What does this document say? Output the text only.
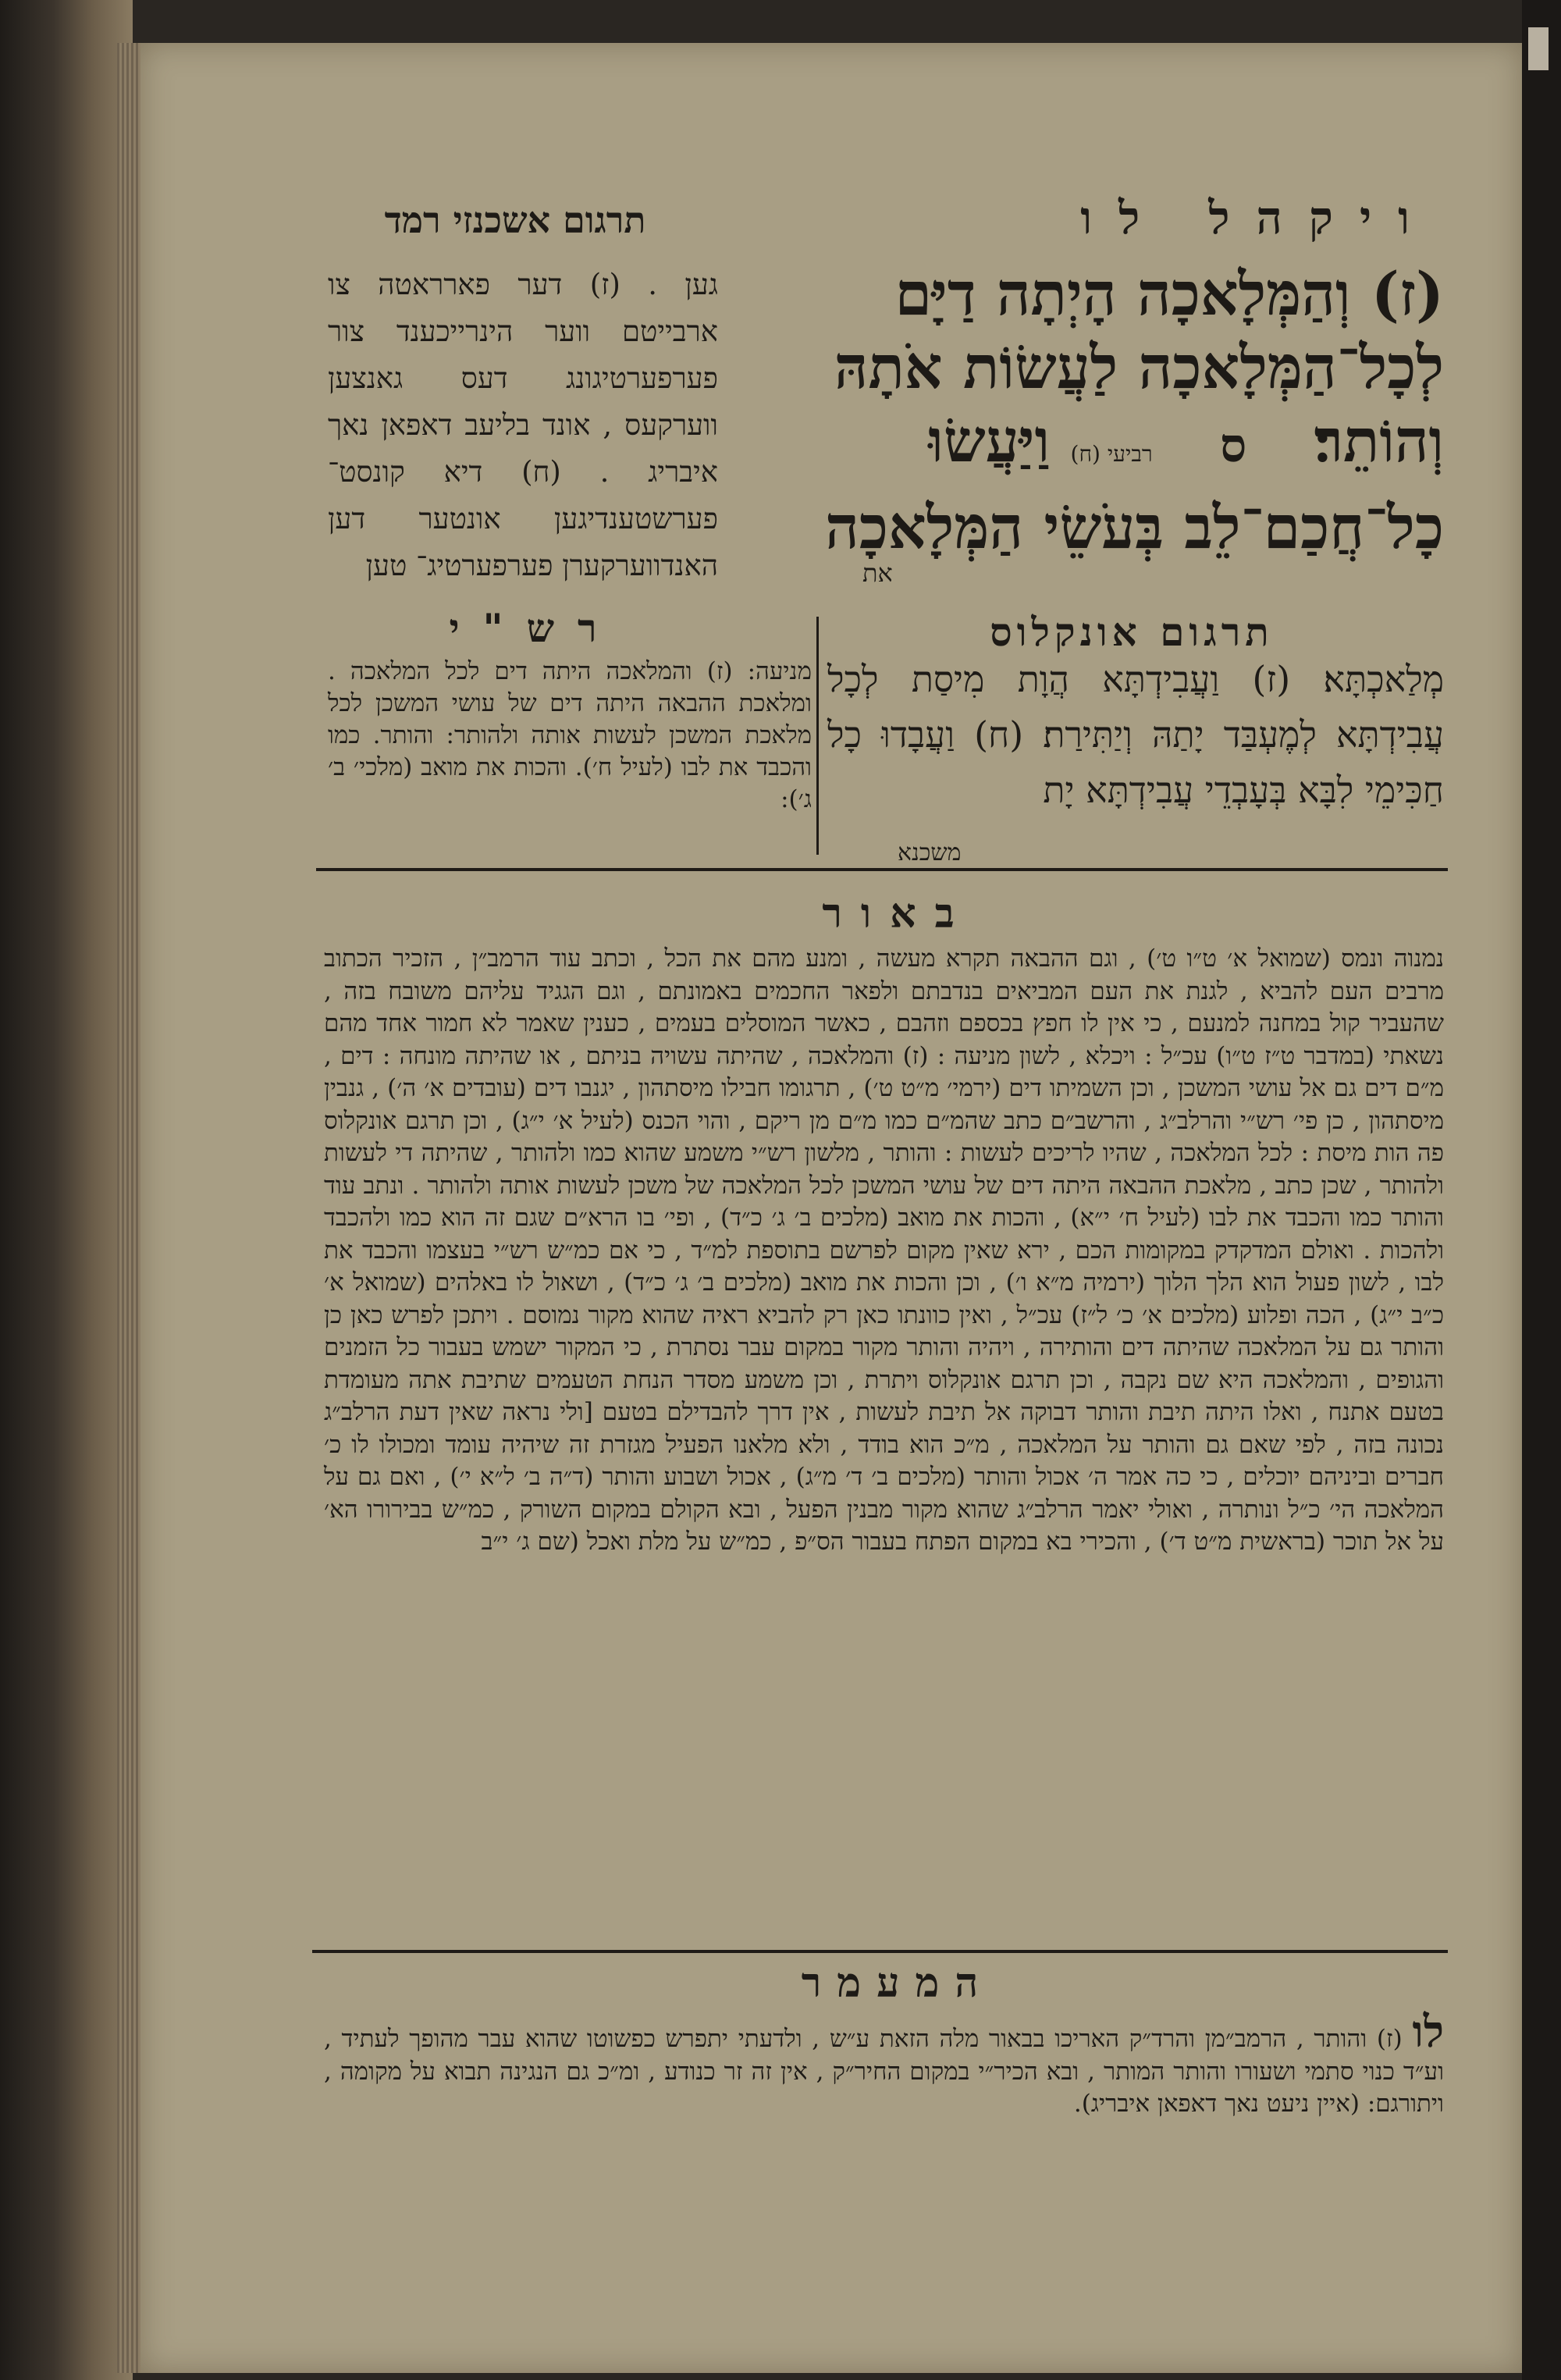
תרגום אשכנזי רמד	ויקהל לו
(ז) וְהַמְּלָאכָה הָיְתָה דַיָּם
לְכָל־הַמְּלָאכָה לַעֲשׂוֹת אֹתָהּ
וְהוֹתֵר׃ ס רביעי (ח) וַיַּעֲשׂוּ
כָל־חֲכַם־לֵב בְּעֹשֵׂי הַמְּלָאכָה
את
גען . (ז) דער פארראטה צו ארבייטם ווער הינרייכענד צור פערפערטיגונג דעס גאנצען ווערקעס , אונד בליעב דאפאן נאך איבריג . (ח) דיא קונסט־ פערשטענדיגען אונטער דען האנדווערקערן פערפערטיג־ טען
תרגום אונקלוס
רש"י
מְלַאכְתָּא׃ (ז) וַעֲבִידְתָּא הֲוָת מִיסַת לְכָל עֲבִידְתָּא לְמֶעְבַּד יָתַהּ וְיַתִּירַת׃ (ח) וַעֲבָדוּ כָל חַכִּימֵי לִבָּא בְּעָבְדֵי עֲבִידְתָּא יָת
משכנא
מניעה: (ז) והמלאכה היתה דים לכל המלאכה . ומלאכת ההבאה היתה דים של עושי המשכן לכל מלאכת המשכן לעשות אותה ולהותר: והותר. כמו והכבד את לבו (לעיל ח׳). והכות את מואב (מלכי׳ ב׳ ג׳):
באור
נמנוה ונמס (שמואל א׳ ט״ו ט׳) , וגם ההבאה תקרא מעשה , ומנע מהם את הכל , וכתב עוד הרמב״ן , הזכיר הכתוב מרבים העם להביא , לגנת את העם המביאים בנדבתם ולפאר החכמים באמונתם , וגם הגגיד עליהם משובח בזה , שהעביר קול במחנה למנעם , כי אין לו חפץ בכספם וזהבם , כאשר המוסלים בעמים , כענין שאמר לא חמור אחד מהם נשאתי (במדבר ט״ז ט״ו) עכ״ל : ויכלא , לשון מניעה : (ז) והמלאכה , שהיתה עשויה בניתם , או שהיתה מונחה : דים , מ״ם דים גם אל עושי המשכן , וכן השמיתו דים (ירמי׳ מ״ט ט׳) , תרגומו חבילו מיסתהון , יגנבו דים (עובדים א׳ ה׳) , גנבין מיסתהון , כן פי׳ רש״י והרלב״ג , והרשב״ם כתב שהמ״ם כמו מ״ם מן ריקם , והוי הכנס (לעיל א׳ י״ג) , וכן תרגם אונקלוס פה הות מיסת : לכל המלאכה , שהיו לריכים לעשות : והותר , מלשון רש״י משמע שהוא כמו ולהותר , שהיתה די לעשות ולהותר , שכן כתב , מלאכת ההבאה היתה דים של עושי המשכן לכל המלאכה של משכן לעשות אותה ולהותר . ונתב עוד והותר כמו והכבד את לבו (לעיל ח׳ י״א) , והכות את מואב (מלכים ב׳ ג׳ כ״ד) , ופי׳ בו הרא״ם שגם זה הוא כמו ולהכבד ולהכות . ואולם המדקדק במקומות הכם , ירא שאין מקום לפרשם בתוספת למ״ד , כי אם כמ״ש רש״י בעצמו והכבד את לבו , לשון פעול הוא הלך הלוך (ירמיה מ״א ו׳) , וכן והכות את מואב (מלכים ב׳ ג׳ כ״ד) , ושאול לו באלהים (שמואל א׳ כ״ב י״ג) , הכה ופלוע (מלכים א׳ כ׳ ל״ז) עכ״ל , ואין כוונתו כאן רק להביא ראיה שהוא מקור נמוסם . ויתכן לפרש כאן כן והותר גם על המלאכה שהיתה דים והותירה , ויהיה והותר מקור במקום עבר נסתרת , כי המקור ישמש בעבור כל הזמנים והגופים , והמלאכה היא שם נקבה , וכן תרגם אונקלוס ויתרת , וכן משמע מסדר הנחת הטעמים שתיבת אתה מעומדת בטעם אתנח , ואלו היתה תיבת והותר דבוקה אל תיבת לעשות , אין דרך להבדילם בטעם [ולי נראה שאין דעת הרלב״ג נכונה בזה , לפי שאם גם והותר על המלאכה , מ״כ הוא בודד , ולא מלאנו הפעיל מגזרת זה שיהיה עומד ומכולו לו כ׳ חברים וביניהם יוכלים , כי כה אמר ה׳ אכול והותר (מלכים ב׳ ד׳ מ״ג) , אכול ושבוע והותר (ד״ה ב׳ ל״א י׳) , ואם גם על המלאכה הי׳ כ״ל ונותרה , ואולי יאמר הרלב״ג שהוא מקור מבנין הפעל , ובא הקולם במקום השורק , כמ״ש בבירורו הא׳ על אל תוכר (בראשית מ״ט ד׳) , והכירי בא במקום הפתח בעבור הס״פ , כמ״ש על מלת ואכל (שם ג׳ י״ב
המעמר
לו (ז) והותר , הרמב״מן והרד״ק האריכו בבאור מלה הזאת ע״ש , ולדעתי יתפרש כפשוטו שהוא עבר מהופך לעתיד , וע״ד כנוי סתמי ושעורו והותר המותר , ובא הכיר״י במקום החיר״ק , אין זה זר כנודע , ומ״כ גם הנגינה תבוא על מקומה , ויתורגם: (איין ניעט נאך דאפאן איבריג).
